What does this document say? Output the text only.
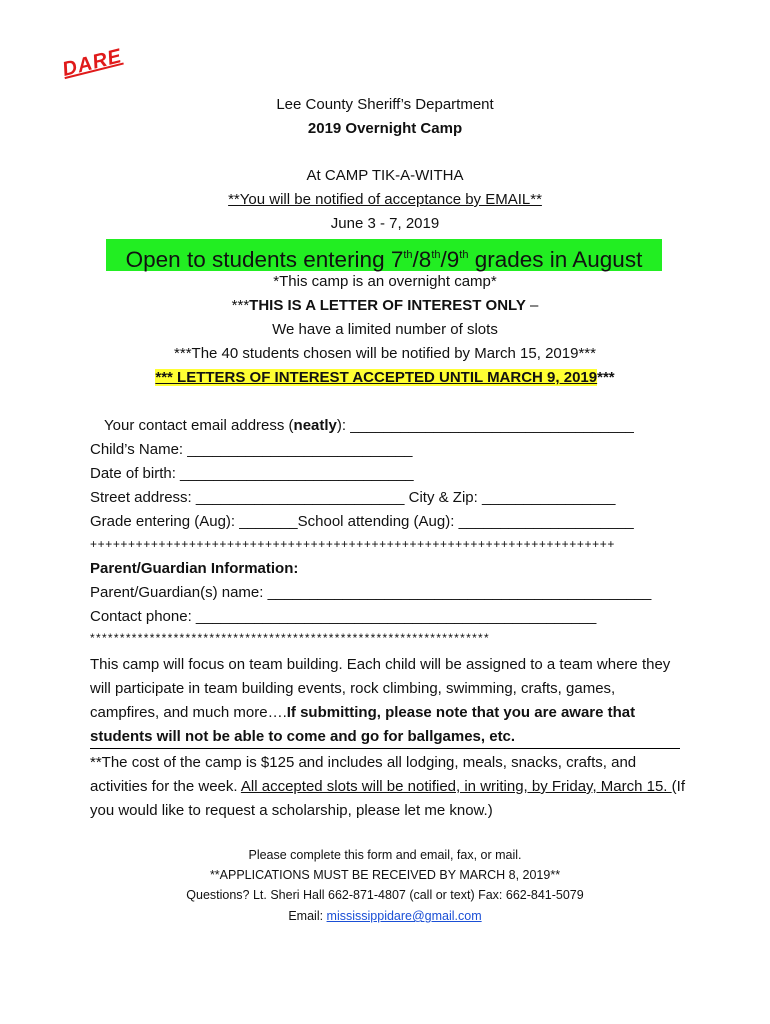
DARE
Lee County Sheriff’s Department
2019 Overnight Camp
At CAMP TIK-A-WITHA
**You will be notified of acceptance by EMAIL**
June 3 - 7, 2019
Open to students entering 7th/8th/9th grades in August
*This camp is an overnight camp*
***THIS IS A LETTER OF INTEREST ONLY –
We have a limited number of slots
***The 40 students chosen will be notified by March 15, 2019***
*** LETTERS OF INTEREST ACCEPTED UNTIL MARCH 9, 2019***
Your contact email address (neatly): __________________________________
Child’s Name: ___________________________
Date of birth: ____________________________
Street address: _________________________ City & Zip: ________________
Grade entering (Aug): _______School attending (Aug): _____________________
+++++++++++++++++++++++++++++++++++++++++++++++++++++++++++++++++++++
Parent/Guardian Information:
Parent/Guardian(s) name: ______________________________________________
Contact phone: ________________________________________________
*******************************************************************
This camp will focus on team building. Each child will be assigned to a team where they will participate in team building events, rock climbing, swimming, crafts, games, campfires, and much more….If submitting, please note that you are aware that students will not be able to come and go for ballgames, etc.
**The cost of the camp is $125 and includes all lodging, meals, snacks, crafts, and activities for the week. All accepted slots will be notified, in writing, by Friday, March 15. (If you would like to request a scholarship, please let me know.)
Please complete this form and email, fax, or mail.
**APPLICATIONS MUST BE RECEIVED BY MARCH 8, 2019**
Questions? Lt. Sheri Hall 662-871-4807 (call or text) Fax: 662-841-5079
Email: mississippidare@gmail.com
